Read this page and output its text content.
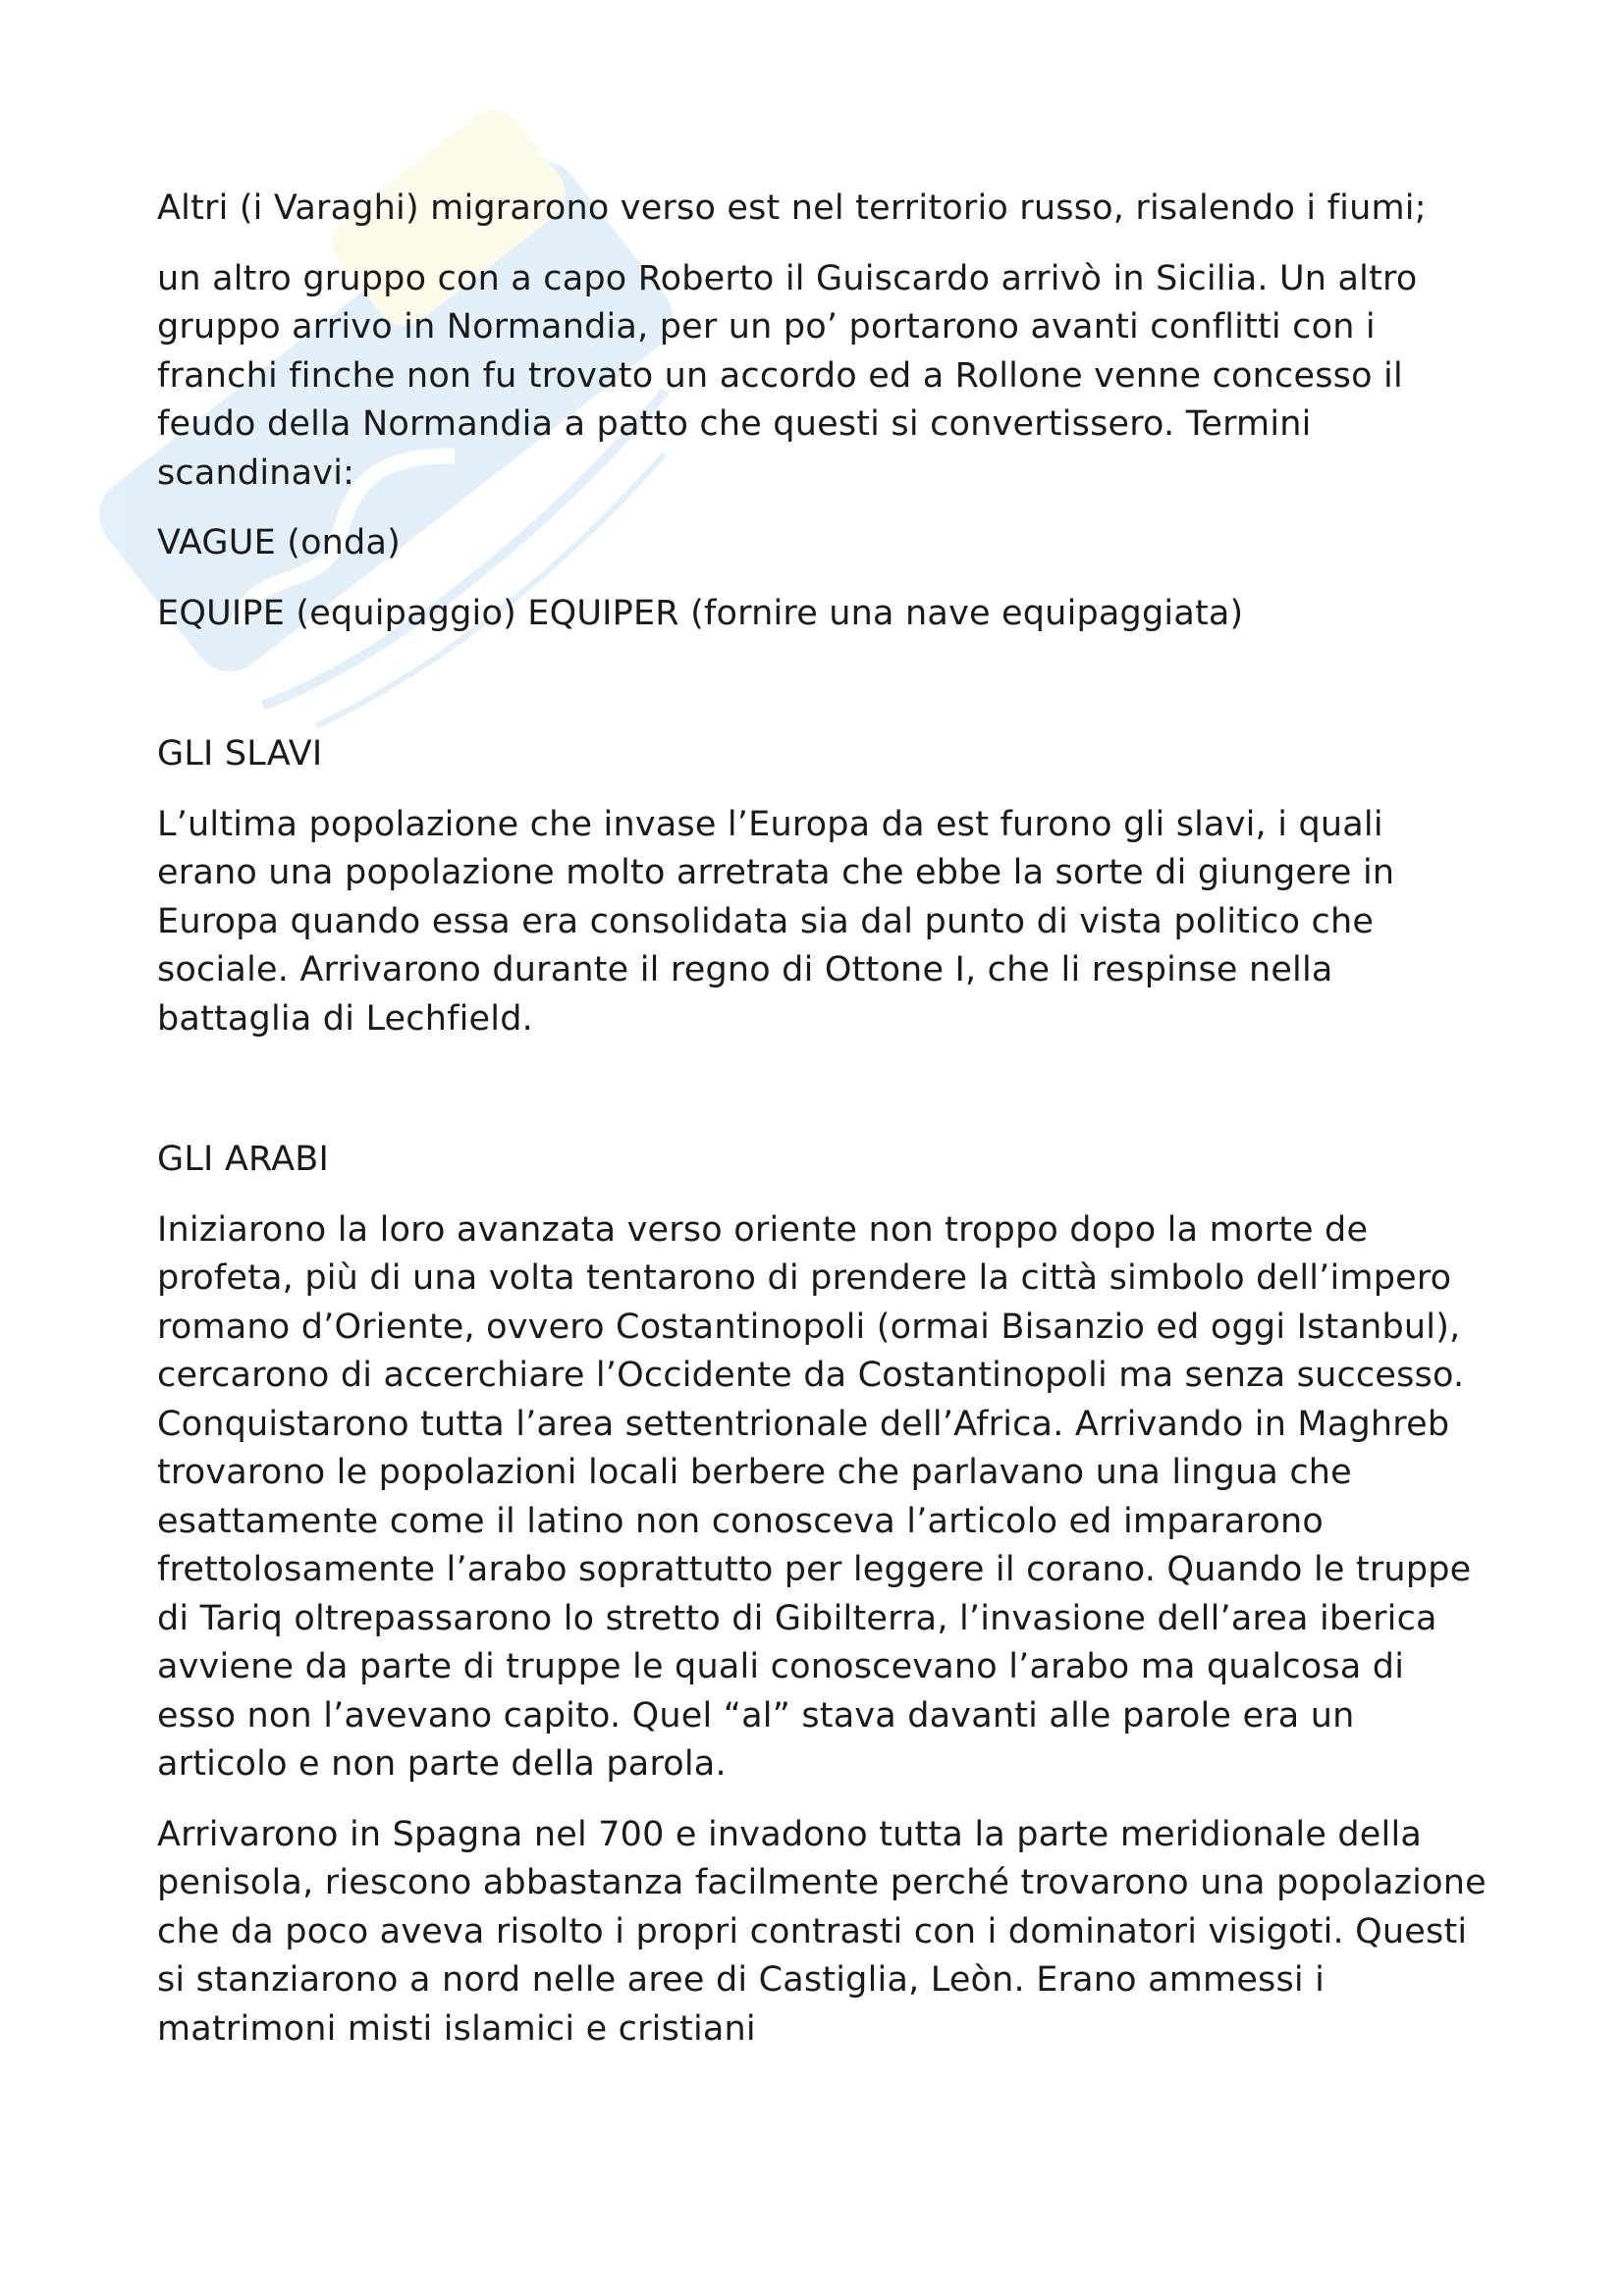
Altri (i Varaghi) migrarono verso est nel territorio russo, risalendo i fiumi;

un altro gruppo con a capo Roberto il Guiscardo arrivò in Sicilia. Un altro gruppo arrivo in Normandia, per un po’ portarono avanti conflitti con i franchi finche non fu trovato un accordo ed a Rollone venne concesso il feudo della Normandia a patto che questi si convertissero. Termini scandinavi:

VAGUE (onda)

EQUIPE (equipaggio) EQUIPER (fornire una nave equipaggiata)

GLI SLAVI

L’ultima popolazione che invase l’Europa da est furono gli slavi, i quali erano una popolazione molto arretrata che ebbe la sorte di giungere in Europa quando essa era consolidata sia dal punto di vista politico che sociale. Arrivarono durante il regno di Ottone I, che li respinse nella battaglia di Lechfield.

GLI ARABI

Iniziarono la loro avanzata verso oriente non troppo dopo la morte de profeta, più di una volta tentarono di prendere la città simbolo dell’impero romano d’Oriente, ovvero Costantinopoli (ormai Bisanzio ed oggi Istanbul), cercarono di accerchiare l’Occidente da Costantinopoli ma senza successo. Conquistarono tutta l’area settentrionale dell’Africa. Arrivando in Maghreb trovarono le popolazioni locali berbere che parlavano una lingua che esattamente come il latino non conosceva l’articolo ed impararono frettolosamente l’arabo soprattutto per leggere il corano. Quando le truppe di Tariq oltrepassarono lo stretto di Gibilterra, l’invasione dell’area iberica avviene da parte di truppe le quali conoscevano l’arabo ma qualcosa di esso non l’avevano capito. Quel “al” stava davanti alle parole era un articolo e non parte della parola.

Arrivarono in Spagna nel 700 e invadono tutta la parte meridionale della penisola, riescono abbastanza facilmente perché trovarono una popolazione che da poco aveva risolto i propri contrasti con i dominatori visigoti. Questi si stanziarono a nord nelle aree di Castiglia, Leòn. Erano ammessi i matrimoni misti islamici e cristiani
